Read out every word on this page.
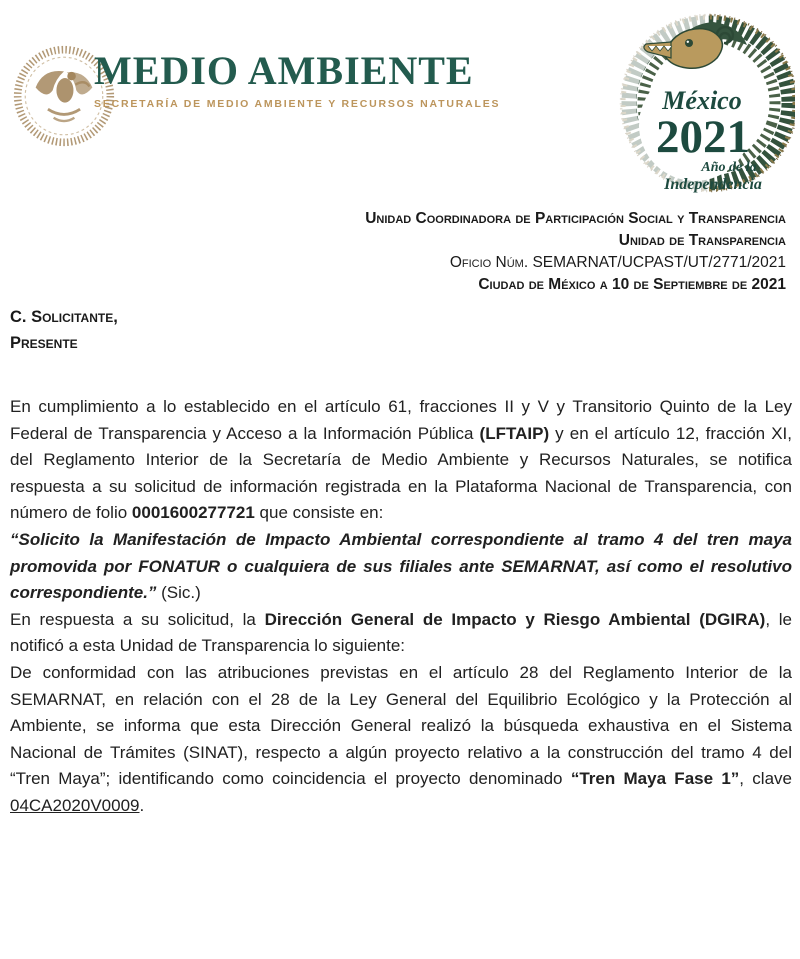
MEDIO AMBIENTE
SECRETARÍA DE MEDIO AMBIENTE Y RECURSOS NATURALES	México
2021
Año de la
Independencia
Unidad Coordinadora de Participación Social y Transparencia
Unidad de Transparencia
Oficio Núm. SEMARNAT/UCPAST/UT/2771/2021
Ciudad de México a 10 de Septiembre de 2021
C. Solicitante,
Presente

En cumplimiento a lo establecido en el artículo 61, fracciones II y V y Transitorio Quinto de la Ley Federal de Transparencia y Acceso a la Información Pública (LFTAIP) y en el artículo 12, fracción XI, del Reglamento Interior de la Secretaría de Medio Ambiente y Recursos Naturales, se notifica respuesta a su solicitud de información registrada en la Plataforma Nacional de Transparencia, con número de folio 0001600277721 que consiste en:

“Solicito la Manifestación de Impacto Ambiental correspondiente al tramo 4 del tren maya promovida por FONATUR o cualquiera de sus filiales ante SEMARNAT, así como el resolutivo correspondiente.” (Sic.)

En respuesta a su solicitud, la Dirección General de Impacto y Riesgo Ambiental (DGIRA), le notificó a esta Unidad de Transparencia lo siguiente:

De conformidad con las atribuciones previstas en el artículo 28 del Reglamento Interior de la SEMARNAT, en relación con el 28 de la Ley General del Equilibrio Ecológico y la Protección al Ambiente, se informa que esta Dirección General realizó la búsqueda exhaustiva en el Sistema Nacional de Trámites (SINAT), respecto a algún proyecto relativo a la construcción del tramo 4 del “Tren Maya”; identificando como coincidencia el proyecto denominado “Tren Maya Fase 1”, clave 04CA2020V0009.
